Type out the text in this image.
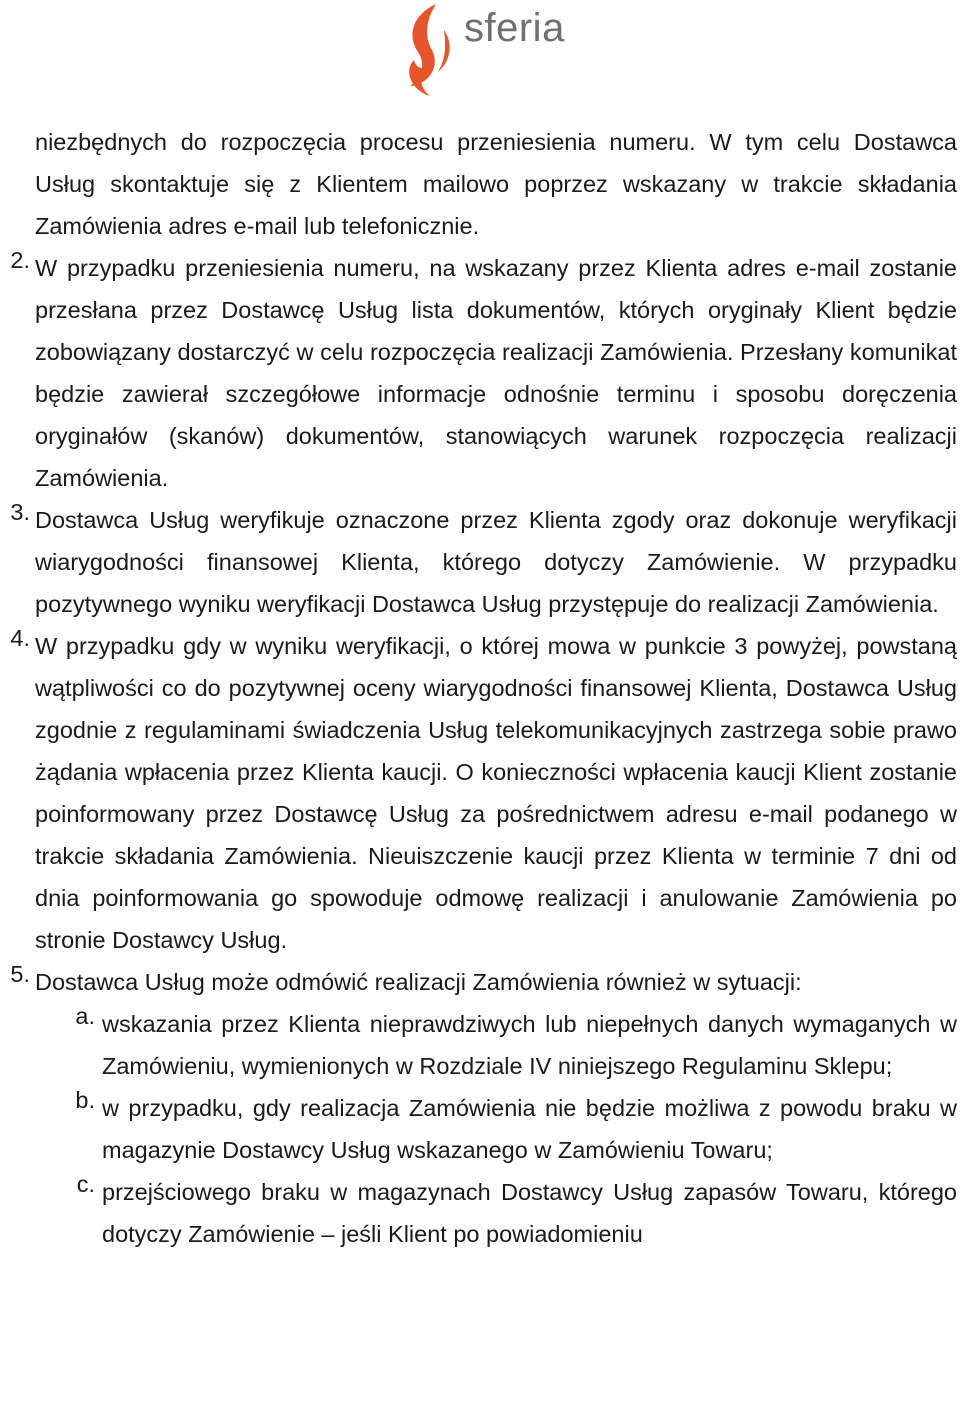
sferia

niezbędnych do rozpoczęcia procesu przeniesienia numeru. W tym celu Dostawca Usług skontaktuje się z Klientem mailowo poprzez wskazany w trakcie składania Zamówienia adres e-mail lub telefonicznie.

2. W przypadku przeniesienia numeru, na wskazany przez Klienta adres e-mail zostanie przesłana przez Dostawcę Usług lista dokumentów, których oryginały Klient będzie zobowiązany dostarczyć w celu rozpoczęcia realizacji Zamówienia. Przesłany komunikat będzie zawierał szczegółowe informacje odnośnie terminu i sposobu doręczenia oryginałów (skanów) dokumentów, stanowiących warunek rozpoczęcia realizacji Zamówienia.

3. Dostawca Usług weryfikuje oznaczone przez Klienta zgody oraz dokonuje weryfikacji wiarygodności finansowej Klienta, którego dotyczy Zamówienie. W przypadku pozytywnego wyniku weryfikacji Dostawca Usług przystępuje do realizacji Zamówienia.

4. W przypadku gdy w wyniku weryfikacji, o której mowa w punkcie 3 powyżej, powstaną wątpliwości co do pozytywnej oceny wiarygodności finansowej Klienta, Dostawca Usług zgodnie z regulaminami świadczenia Usług telekomunikacyjnych zastrzega sobie prawo żądania wpłacenia przez Klienta kaucji. O konieczności wpłacenia kaucji Klient zostanie poinformowany przez Dostawcę Usług za pośrednictwem adresu e-mail podanego w trakcie składania Zamówienia. Nieuiszczenie kaucji przez Klienta w terminie 7 dni od dnia poinformowania go spowoduje odmowę realizacji i anulowanie Zamówienia po stronie Dostawcy Usług.

5. Dostawca Usług może odmówić realizacji Zamówienia również w sytuacji:

a. wskazania przez Klienta nieprawdziwych lub niepełnych danych wymaganych w Zamówieniu, wymienionych w Rozdziale IV niniejszego Regulaminu Sklepu;

b. w przypadku, gdy realizacja Zamówienia nie będzie możliwa z powodu braku w magazynie Dostawcy Usług wskazanego w Zamówieniu Towaru;

c. przejściowego braku w magazynach Dostawcy Usług zapasów Towaru, którego dotyczy Zamówienie – jeśli Klient po powiadomieniu
